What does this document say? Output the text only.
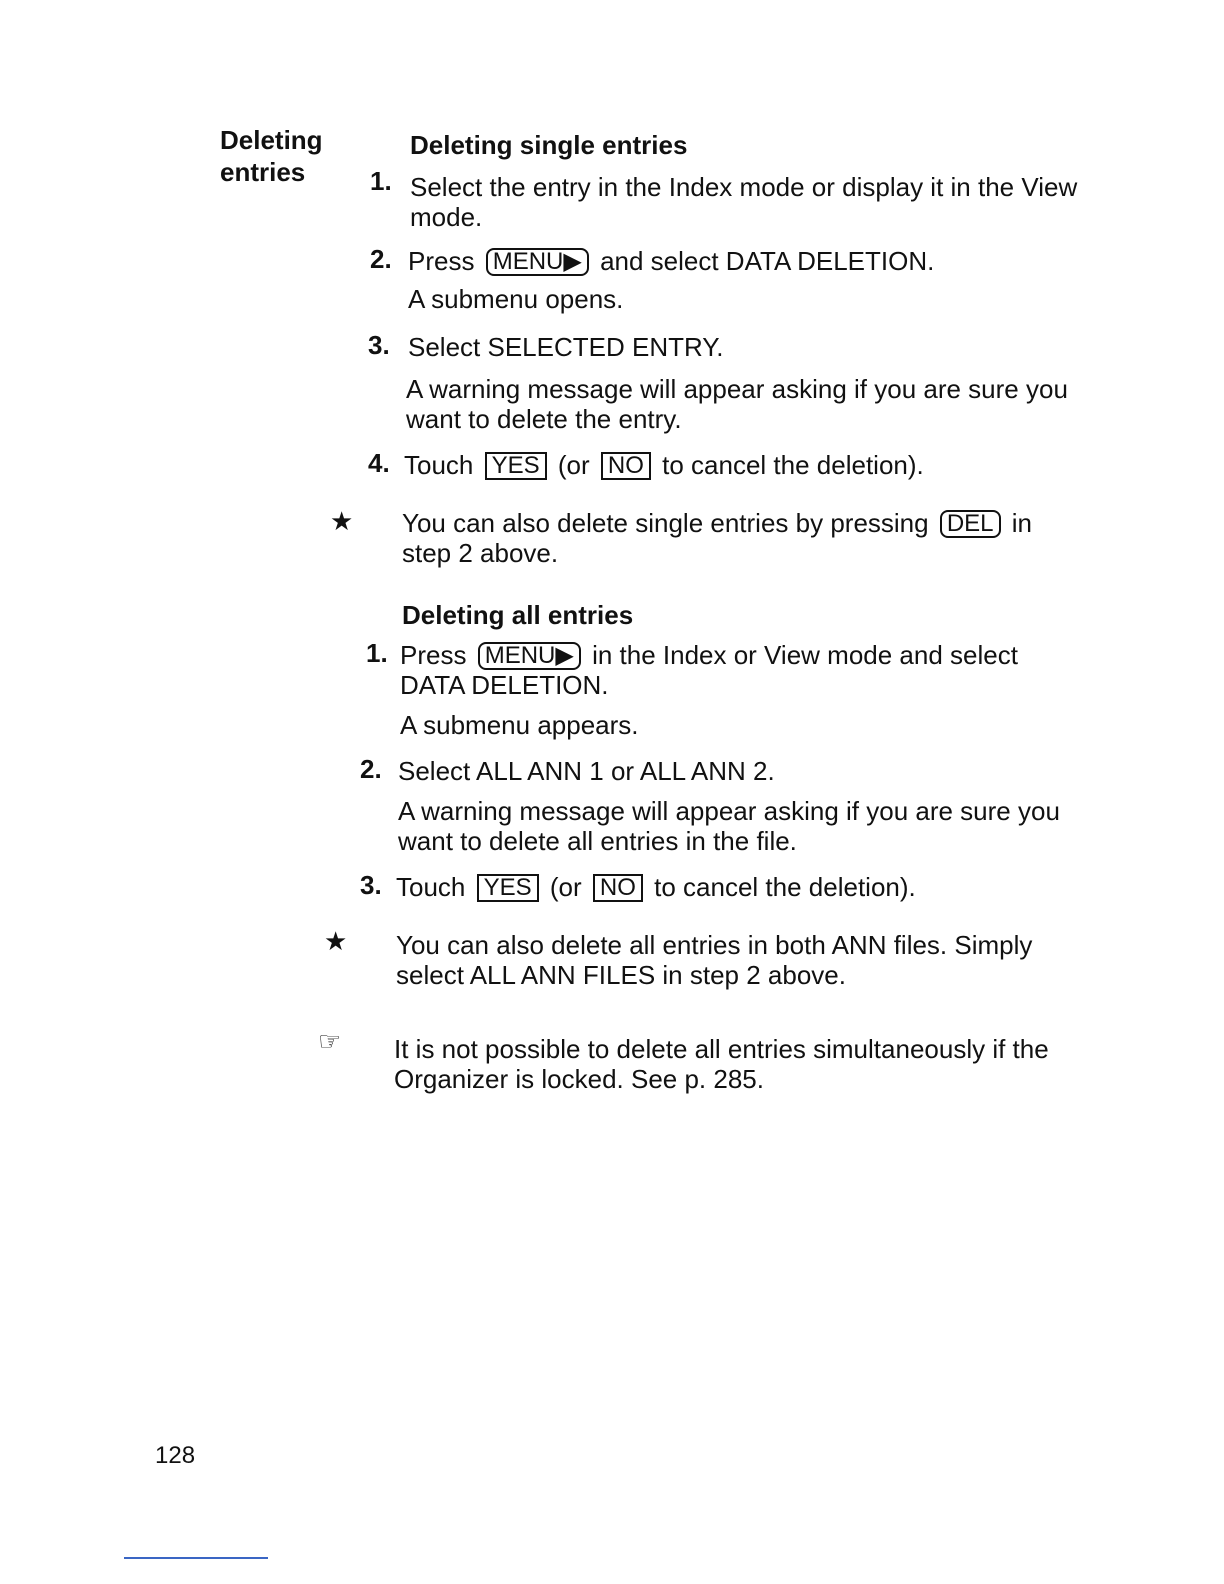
Deleting
entries
Deleting single entries
1. Select the entry in the Index mode or display it in the View mode.
2. Press MENU▶ and select DATA DELETION.
A submenu opens.
3. Select SELECTED ENTRY.
A warning message will appear asking if you are sure you want to delete the entry.
4. Touch YES (or NO to cancel the deletion).
★ You can also delete single entries by pressing DEL in step 2 above.
Deleting all entries
1. Press MENU▶ in the Index or View mode and select DATA DELETION.
A submenu appears.
2. Select ALL ANN 1 or ALL ANN 2.
A warning message will appear asking if you are sure you want to delete all entries in the file.
3. Touch YES (or NO to cancel the deletion).
★ You can also delete all entries in both ANN files. Simply select ALL ANN FILES in step 2 above.
☞ It is not possible to delete all entries simultaneously if the Organizer is locked. See p. 285.
128
